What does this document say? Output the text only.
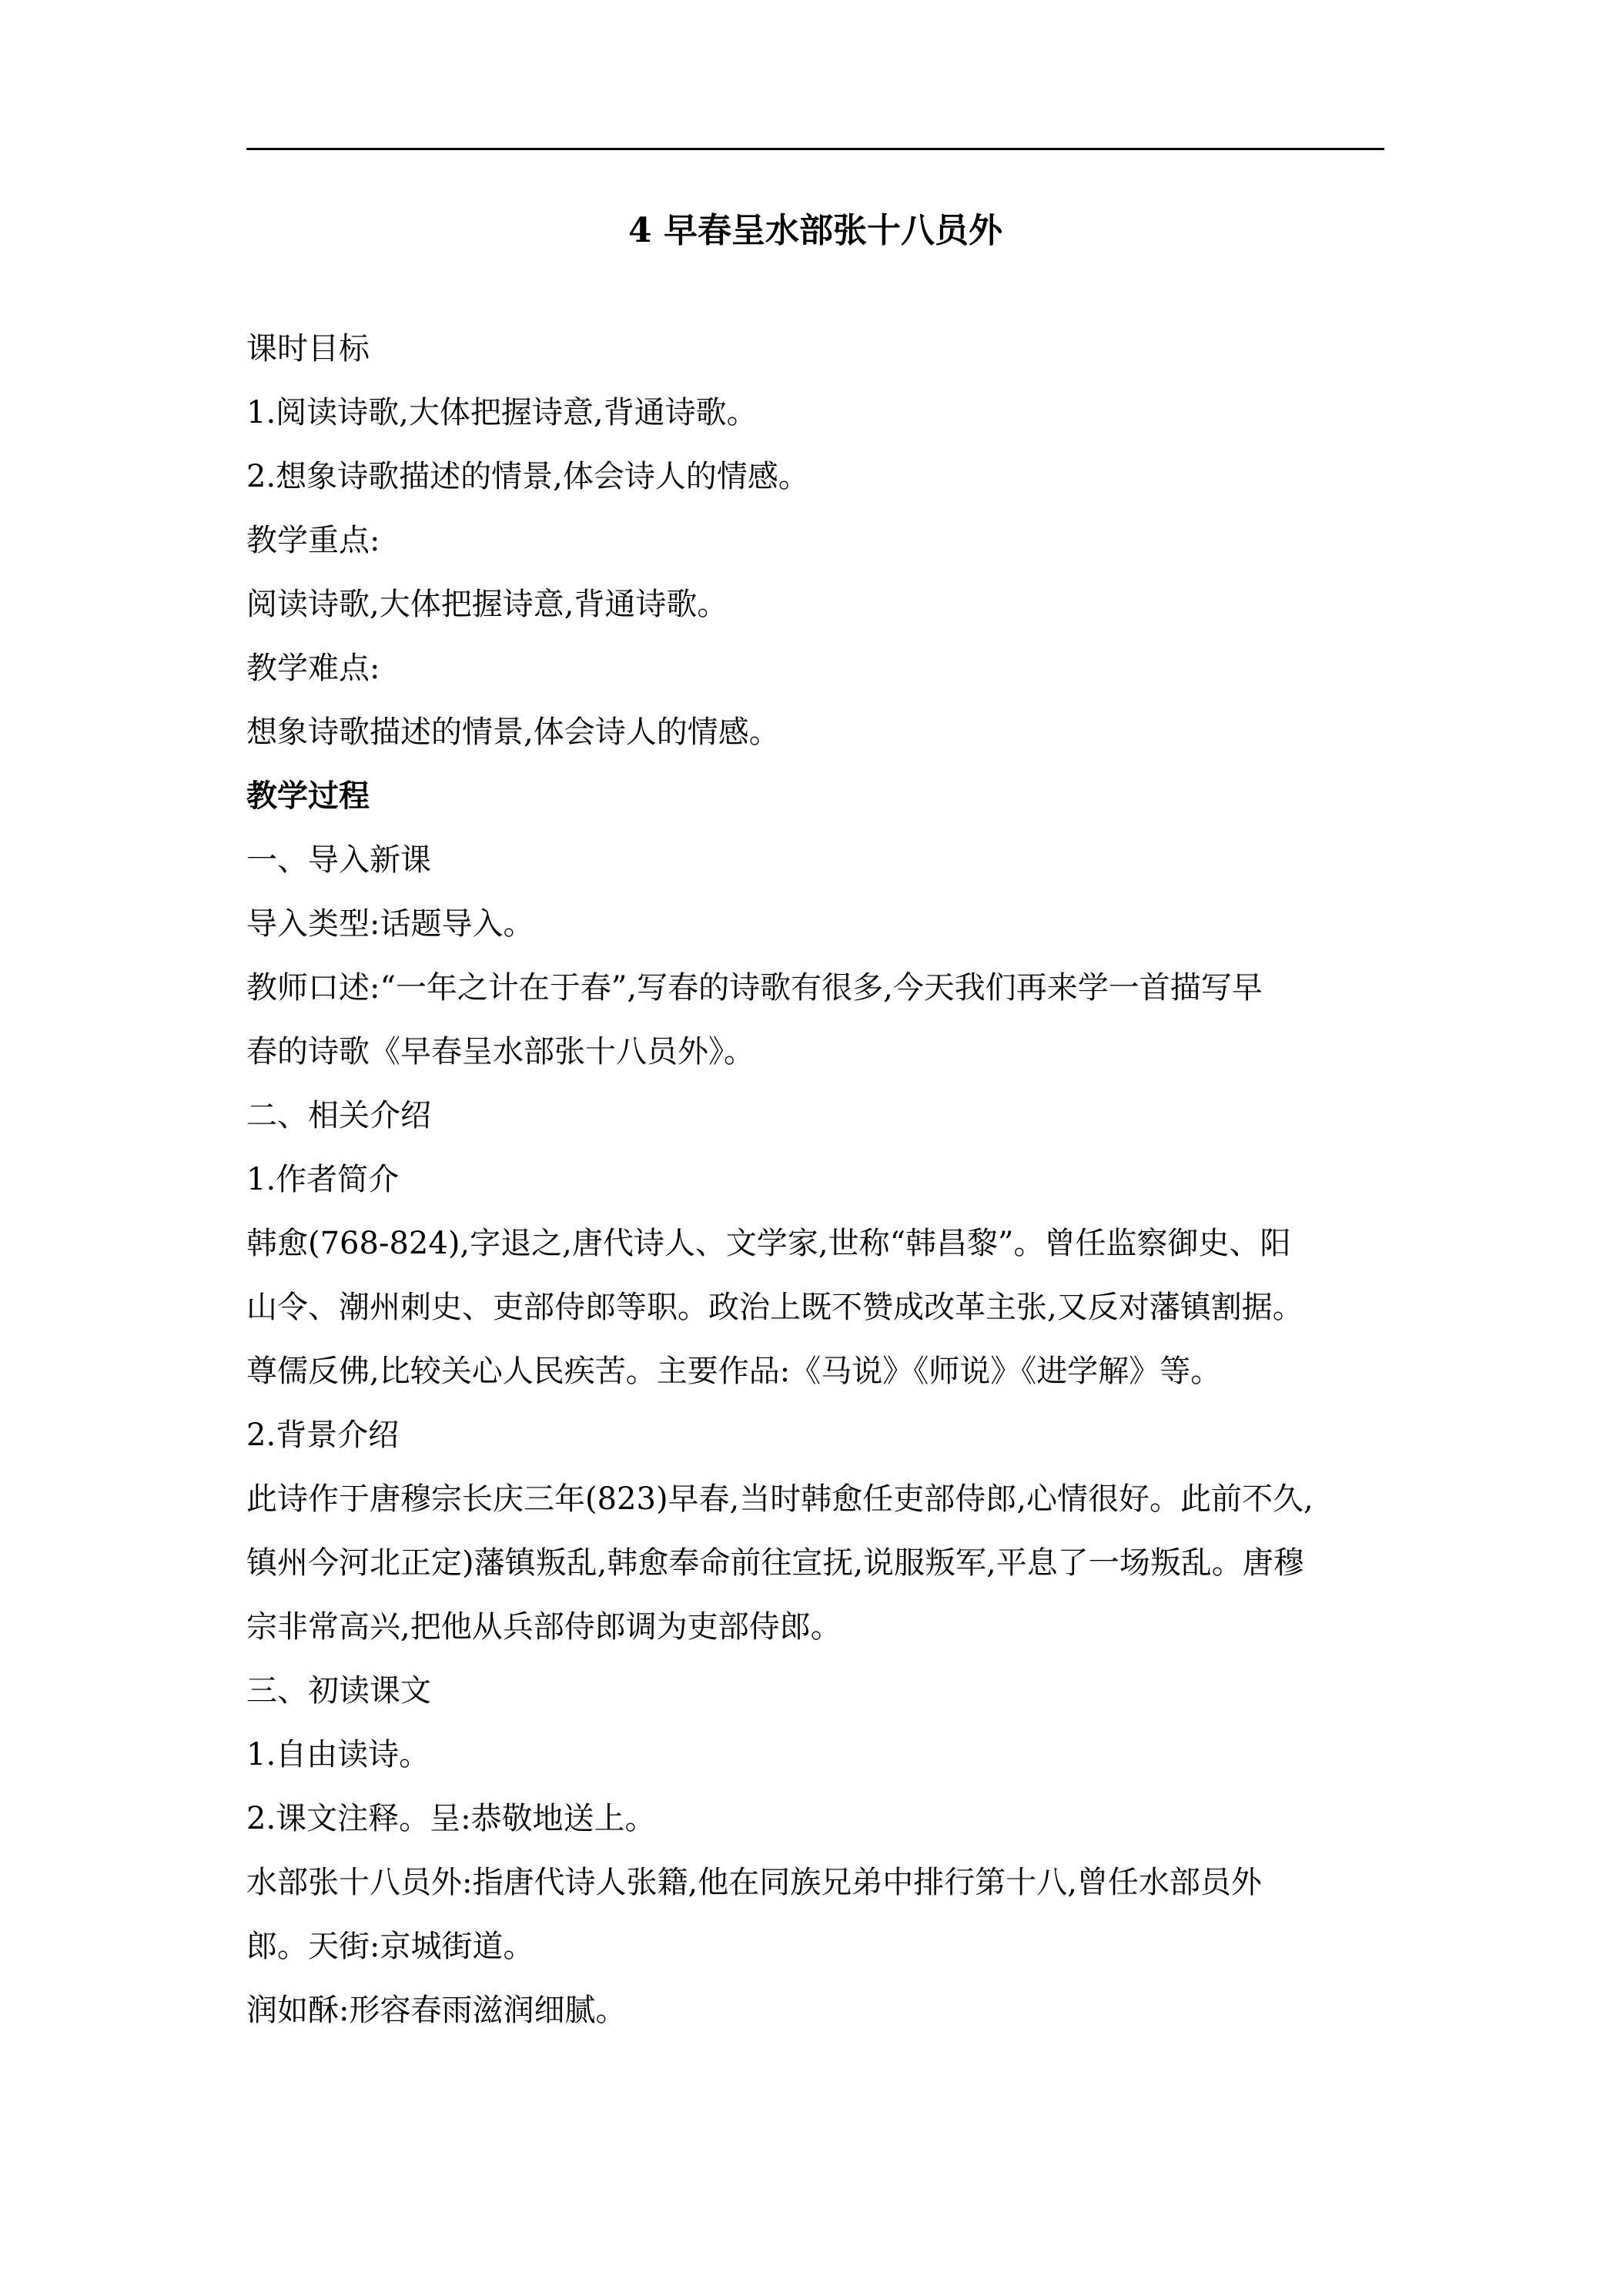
4 早春呈水部张十八员外
课时目标
1.阅读诗歌,大体把握诗意,背通诗歌。
2.想象诗歌描述的情景,体会诗人的情感。
教学重点:
阅读诗歌,大体把握诗意,背通诗歌。
教学难点:
想象诗歌描述的情景,体会诗人的情感。
教学过程
一、导入新课
导入类型:话题导入。
教师口述:“一年之计在于春”,写春的诗歌有很多,今天我们再来学一首描写早
春的诗歌《早春呈水部张十八员外》。
二、相关介绍
1.作者简介
韩愈(768-824),字退之,唐代诗人、文学家,世称“韩昌黎”。曾任监察御史、阳
山令、潮州刺史、吏部侍郎等职。政治上既不赞成改革主张,又反对藩镇割据。
尊儒反佛,比较关心人民疾苦。主要作品:《马说》《师说》《进学解》等。
2.背景介绍
此诗作于唐穆宗长庆三年(823)早春,当时韩愈任吏部侍郎,心情很好。此前不久,
镇州今河北正定)藩镇叛乱,韩愈奉命前往宣抚,说服叛军,平息了一场叛乱。唐穆
宗非常高兴,把他从兵部侍郎调为吏部侍郎。
三、初读课文
1.自由读诗。
2.课文注释。呈:恭敬地送上。
水部张十八员外:指唐代诗人张籍,他在同族兄弟中排行第十八,曾任水部员外
郎。天街:京城街道。
润如酥:形容春雨滋润细腻。
